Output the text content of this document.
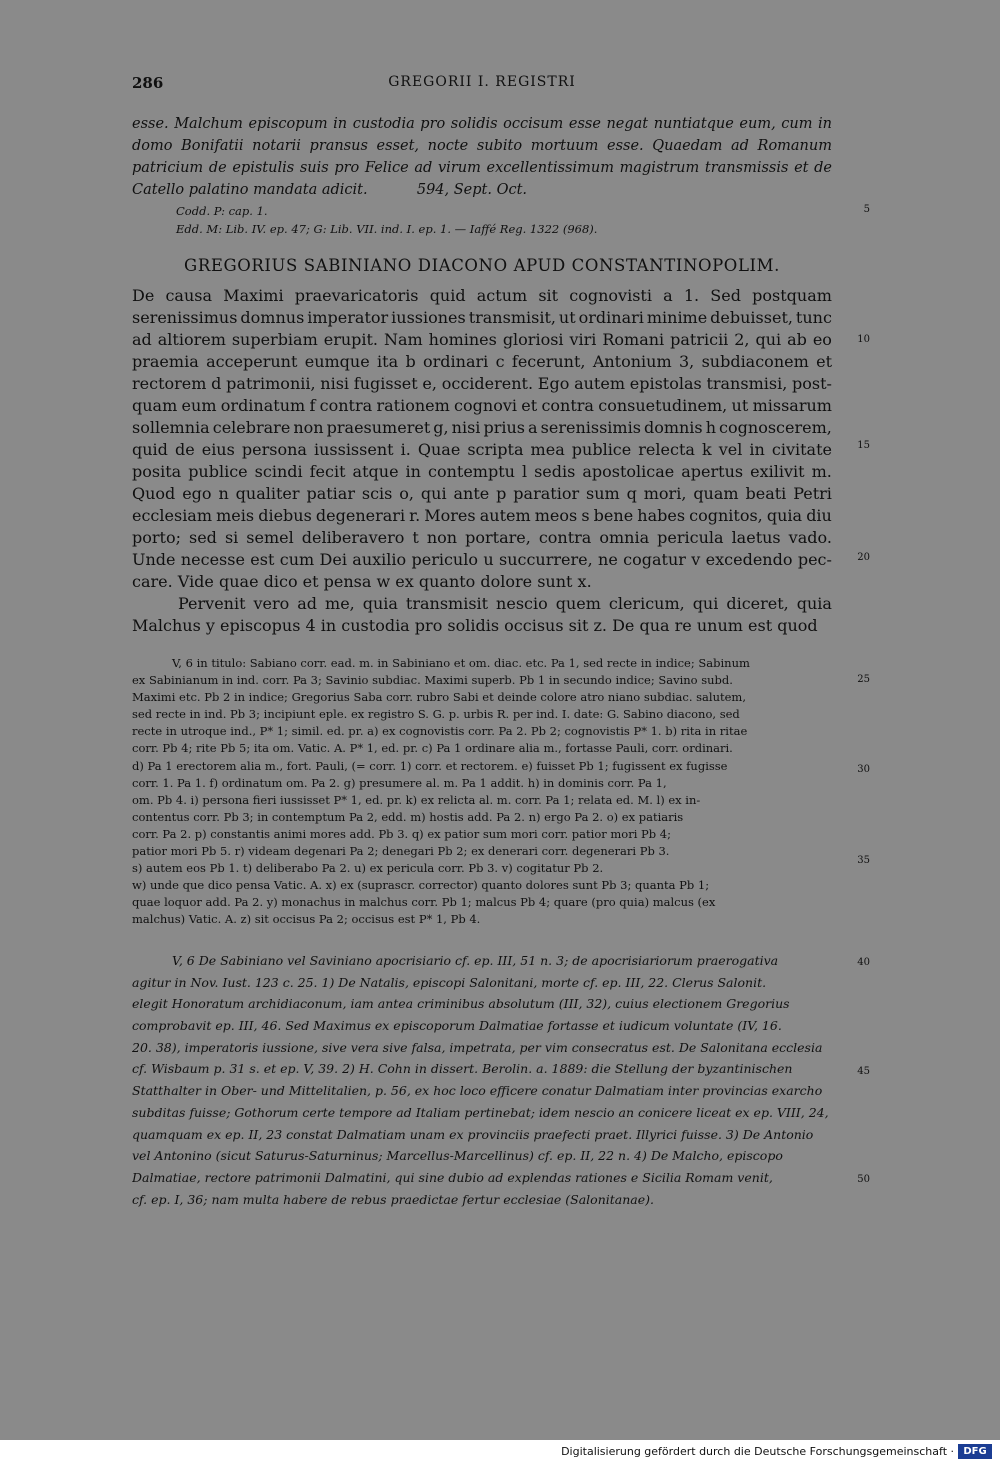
286	GREGORII I. REGISTRI
esse. Malchum episcopum in custodia pro solidis occisum esse negat nuntiatque eum, cum in domo Bonifatii notarii pransus esset, nocte subito mortuum esse. Quaedam ad Romanum patricium de epistulis suis pro Felice ad virum excellentissimum magistrum transmissis et de Catello palatino mandata adicit.	594, Sept. Oct.
Codd. P: cap. 1.
Edd. M: Lib. IV. ep. 47; G: Lib. VII. ind. I. ep. 1. — Iaffé Reg. 1322 (968).
GREGORIUS SABINIANO DIACONO APUD CONSTANTINOPOLIM.
De causa Maximi praevaricatoris quid actum sit cognovisti a 1. Sed postquam
serenissimus domnus imperator iussiones transmisit, ut ordinari minime debuisset, tunc
ad altiorem superbiam erupit. Nam homines gloriosi viri Romani patricii 2, qui ab eo
praemia acceperunt eumque ita b ordinari c fecerunt, Antonium 3, subdiaconem et
rectorem d patrimonii, nisi fugisset e, occiderent. Ego autem epistolas transmisi, post-
quam eum ordinatum f contra rationem cognovi et contra consuetudinem, ut missarum
sollemnia celebrare non praesumeret g, nisi prius a serenissimis domnis h cognoscerem,
quid de eius persona iussissent i. Quae scripta mea publice relecta k vel in civitate
posita publice scindi fecit atque in contemptu l sedis apostolicae apertus exilivit m.
Quod ego n qualiter patiar scis o, qui ante p paratior sum q mori, quam beati Petri
ecclesiam meis diebus degenerari r. Mores autem meos s bene habes cognitos, quia diu
porto; sed si semel deliberavero t non portare, contra omnia pericula laetus vado.
Unde necesse est cum Dei auxilio periculo u succurrere, ne cogatur v excedendo pec-
care. Vide quae dico et pensa w ex quanto dolore sunt x.
Pervenit vero ad me, quia transmisit nescio quem clericum, qui diceret, quia
Malchus y episcopus 4 in custodia pro solidis occisus sit z. De qua re unum est quod
V, 6 in titulo: Sabiano corr. ead. m. in Sabiniano et om. diac. etc. Pa 1, sed recte in indice; Sabinum
ex Sabinianum in ind. corr. Pa 3; Savinio subdiac. Maximi superb. Pb 1 in secundo indice; Savino subd.
Maximi etc. Pb 2 in indice; Gregorius Saba corr. rubro Sabi et deinde colore atro niano subdiac. salutem,
sed recte in ind. Pb 3; incipiunt eple. ex registro S. G. p. urbis R. per ind. I. date: G. Sabino diacono, sed
recte in utroque ind., P* 1; simil. ed. pr. a) ex cognovistis corr. Pa 2. Pb 2; cognovistis P* 1. b) rita in ritae
corr. Pb 4; rite Pb 5; ita om. Vatic. A. P* 1, ed. pr. c) Pa 1 ordinare alia m., fortasse Pauli, corr. ordinari.
d) Pa 1 erectorem alia m., fort. Pauli, (= corr. 1) corr. et rectorem. e) fuisset Pb 1; fugissent ex fugisse
corr. 1. Pa 1. f) ordinatum om. Pa 2. g) presumere al. m. Pa 1 addit. h) in dominis corr. Pa 1,
om. Pb 4. i) persona fieri iussisset P* 1, ed. pr. k) ex relicta al. m. corr. Pa 1; relata ed. M. l) ex in-
contentus corr. Pb 3; in contemptum Pa 2, edd. m) hostis add. Pa 2. n) ergo Pa 2. o) ex patiaris
corr. Pa 2. p) constantis animi mores add. Pb 3. q) ex patior sum mori corr. patior mori Pb 4;
patior mori Pb 5. r) videam degenari Pa 2; denegari Pb 2; ex denerari corr. degenerari Pb 3.
s) autem eos Pb 1. t) deliberabo Pa 2. u) ex pericula corr. Pb 3. v) cogitatur Pb 2.
w) unde que dico pensa Vatic. A. x) ex (suprascr. corrector) quanto dolores sunt Pb 3; quanta Pb 1;
quae loquor add. Pa 2. y) monachus in malchus corr. Pb 1; malcus Pb 4; quare (pro quia) malcus (ex
malchus) Vatic. A. z) sit occisus Pa 2; occisus est P* 1, Pb 4.
V, 6 De Sabiniano vel Saviniano apocrisiario cf. ep. III, 51 n. 3; de apocrisiariorum praerogativa
agitur in Nov. Iust. 123 c. 25. 1) De Natalis, episcopi Salonitani, morte cf. ep. III, 22. Clerus Salonit.
elegit Honoratum archidiaconum, iam antea criminibus absolutum (III, 32), cuius electionem Gregorius
comprobavit ep. III, 46. Sed Maximus ex episcoporum Dalmatiae fortasse et iudicum voluntate (IV, 16.
20. 38), imperatoris iussione, sive vera sive falsa, impetrata, per vim consecratus est. De Salonitana ecclesia
cf. Wisbaum p. 31 s. et ep. V, 39. 2) H. Cohn in dissert. Berolin. a. 1889: die Stellung der byzantinischen
Statthalter in Ober- und Mittelitalien, p. 56, ex hoc loco efficere conatur Dalmatiam inter provincias exarcho
subditas fuisse; Gothorum certe tempore ad Italiam pertinebat; idem nescio an conicere liceat ex ep. VIII, 24,
quamquam ex ep. II, 23 constat Dalmatiam unam ex provinciis praefecti praet. Illyrici fuisse. 3) De Antonio
vel Antonino (sicut Saturus-Saturninus; Marcellus-Marcellinus) cf. ep. II, 22 n. 4) De Malcho, episcopo
Dalmatiae, rectore patrimonii Dalmatini, qui sine dubio ad explendas rationes e Sicilia Romam venit,
cf. ep. I, 36; nam multa habere de rebus praedictae fertur ecclesiae (Salonitanae).
5
10
15
20
25
30
35
40
45
50
Digitalisierung gefördert durch die Deutsche Forschungsgemeinschaft · DFG
